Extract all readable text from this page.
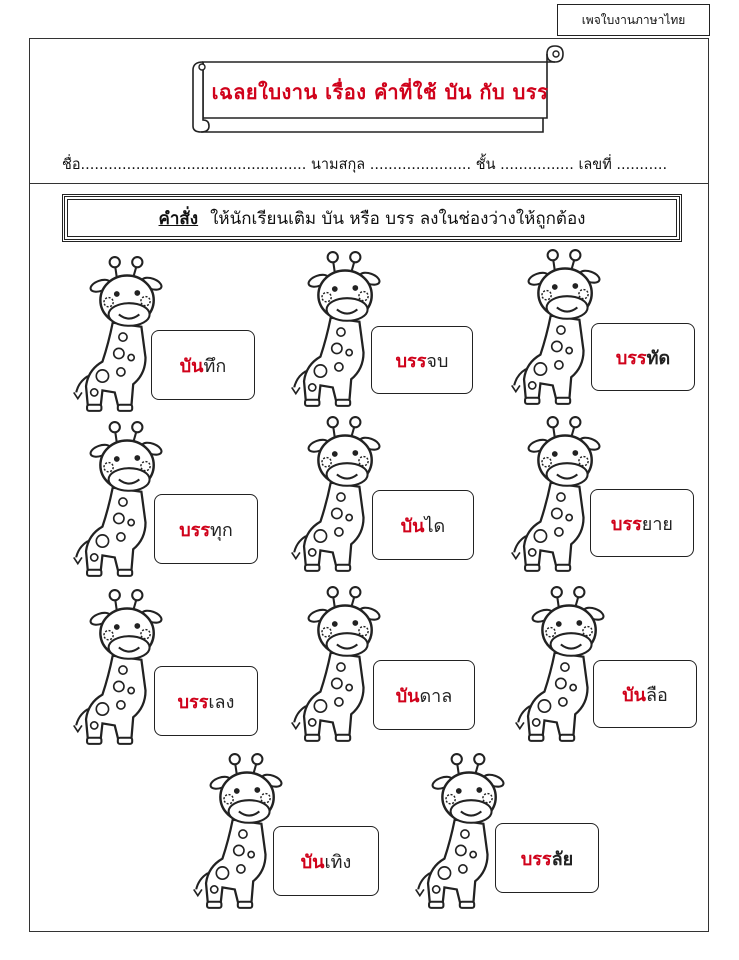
เพจใบงานภาษาไทย
เฉลยใบงาน เรื่อง คำที่ใช้ บัน กับ บรร
ชื่อ................................................. นามสกุล ...................... ชั้น ................ เลขที่ ...........
คำสั่ง ให้นักเรียนเติม บัน หรือ บรร ลงในช่องว่างให้ถูกต้อง
บัน ทึก	บรร จบ	บรร ทัด
บรร ทุก	บัน ได	บรร ยาย
บรร เลง	บัน ดาล	บัน ลือ
บัน เทิง	บรร ลัย
